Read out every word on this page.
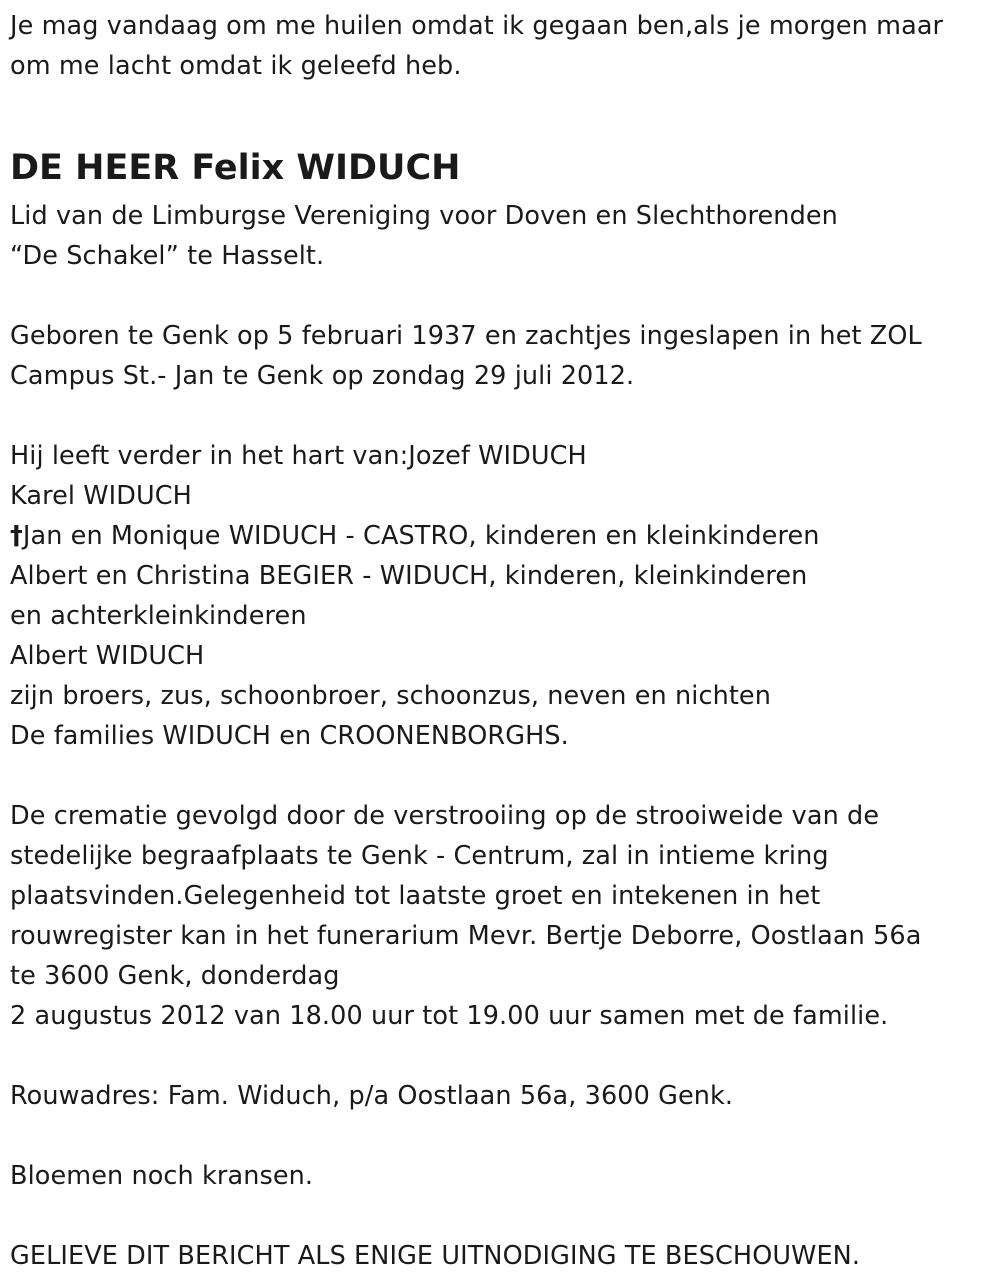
Je mag vandaag om me huilen omdat ik gegaan ben,als je morgen maar
om me lacht omdat ik geleefd heb.
DE HEER Felix WIDUCH
Lid van de Limburgse Vereniging voor Doven en Slechthorenden
“De Schakel” te Hasselt.
Geboren te Genk op 5 februari 1937 en zachtjes ingeslapen in het ZOL
Campus St.- Jan te Genk op zondag 29 juli 2012.
Hij leeft verder in het hart van:Jozef WIDUCH
Karel WIDUCH
†Jan en Monique WIDUCH - CASTRO, kinderen en kleinkinderen
Albert en Christina BEGIER - WIDUCH, kinderen, kleinkinderen
en achterkleinkinderen
Albert WIDUCH
zijn broers, zus, schoonbroer, schoonzus, neven en nichten
De families WIDUCH en CROONENBORGHS.
De crematie gevolgd door de verstrooiing op de strooiweide van de
stedelijke begraafplaats te Genk - Centrum, zal in intieme kring
plaatsvinden.Gelegenheid tot laatste groet en intekenen in het
rouwregister kan in het funerarium Mevr. Bertje Deborre, Oostlaan 56a
te 3600 Genk, donderdag
2 augustus 2012 van 18.00 uur tot 19.00 uur samen met de familie.
Rouwadres: Fam. Widuch, p/a Oostlaan 56a, 3600 Genk.
Bloemen noch kransen.
GELIEVE DIT BERICHT ALS ENIGE UITNODIGING TE BESCHOUWEN.
